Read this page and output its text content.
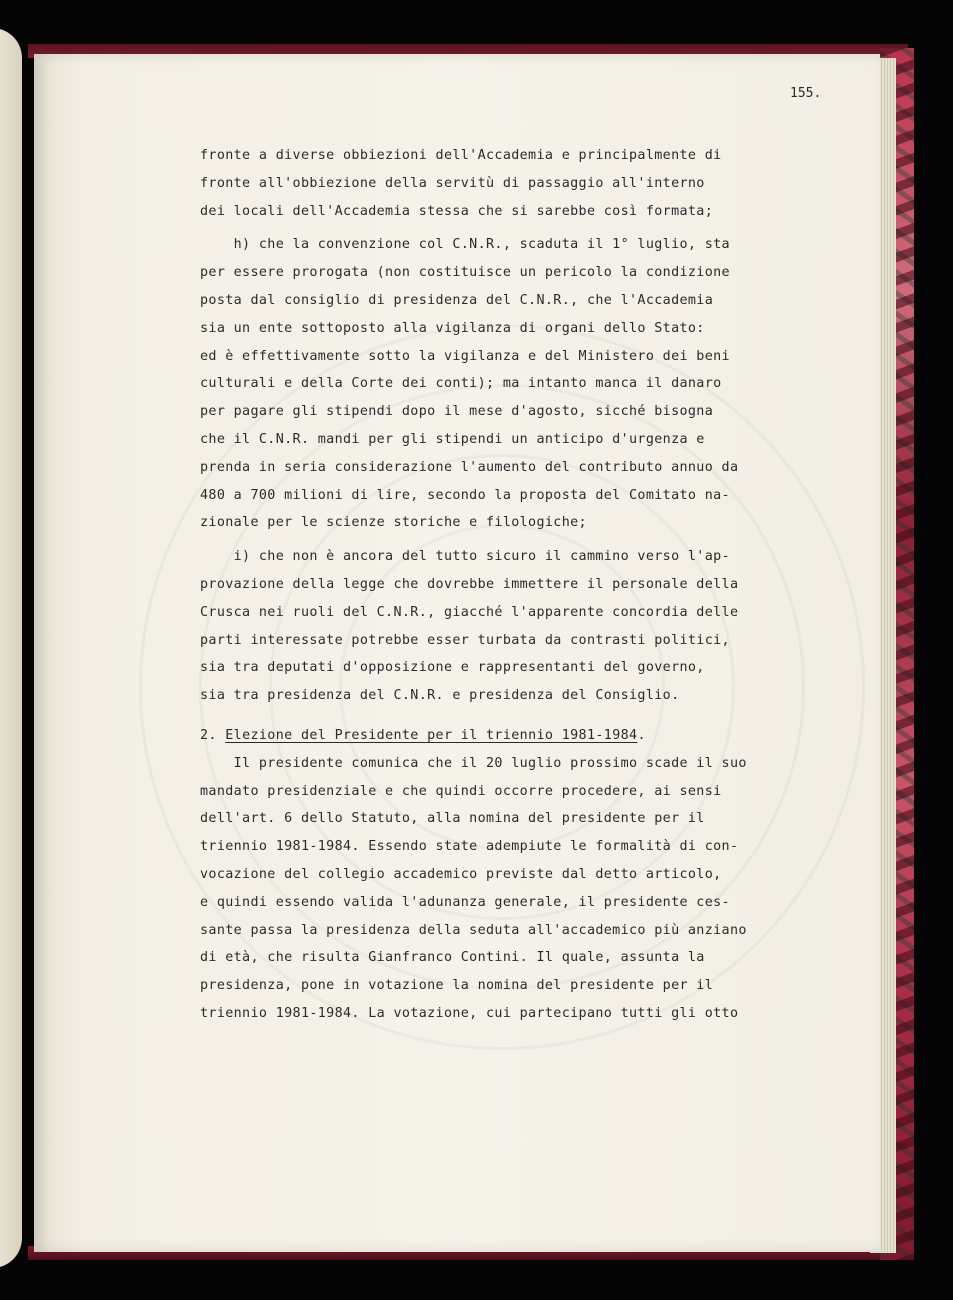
155.
fronte a diverse obbiezioni dell'Accademia e principalmente di
fronte all'obbiezione della servitù di passaggio all'interno
dei locali dell'Accademia stessa che si sarebbe così formata;
h) che la convenzione col C.N.R., scaduta il 1° luglio, sta
per essere prorogata (non costituisce un pericolo la condizione
posta dal consiglio di presidenza del C.N.R., che l'Accademia
sia un ente sottoposto alla vigilanza di organi dello Stato:
ed è effettivamente sotto la vigilanza e del Ministero dei beni
culturali e della Corte dei conti); ma intanto manca il danaro
per pagare gli stipendi dopo il mese d'agosto, sicché bisogna
che il C.N.R. mandi per gli stipendi un anticipo d'urgenza e
prenda in seria considerazione l'aumento del contributo annuo da
480 a 700 milioni di lire, secondo la proposta del Comitato na-
zionale per le scienze storiche e filologiche;
i) che non è ancora del tutto sicuro il cammino verso l'ap-
provazione della legge che dovrebbe immettere il personale della
Crusca nei ruoli del C.N.R., giacché l'apparente concordia delle
parti interessate potrebbe esser turbata da contrasti politici,
sia tra deputati d'opposizione e rappresentanti del governo,
sia tra presidenza del C.N.R. e presidenza del Consiglio.
2. Elezione del Presidente per il triennio 1981-1984.
Il presidente comunica che il 20 luglio prossimo scade il suo
mandato presidenziale e che quindi occorre procedere, ai sensi
dell'art. 6 dello Statuto, alla nomina del presidente per il
triennio 1981-1984. Essendo state adempiute le formalità di con-
vocazione del collegio accademico previste dal detto articolo,
e quindi essendo valida l'adunanza generale, il presidente ces-
sante passa la presidenza della seduta all'accademico più anziano
di età, che risulta Gianfranco Contini. Il quale, assunta la
presidenza, pone in votazione la nomina del presidente per il
triennio 1981-1984. La votazione, cui partecipano tutti gli otto
